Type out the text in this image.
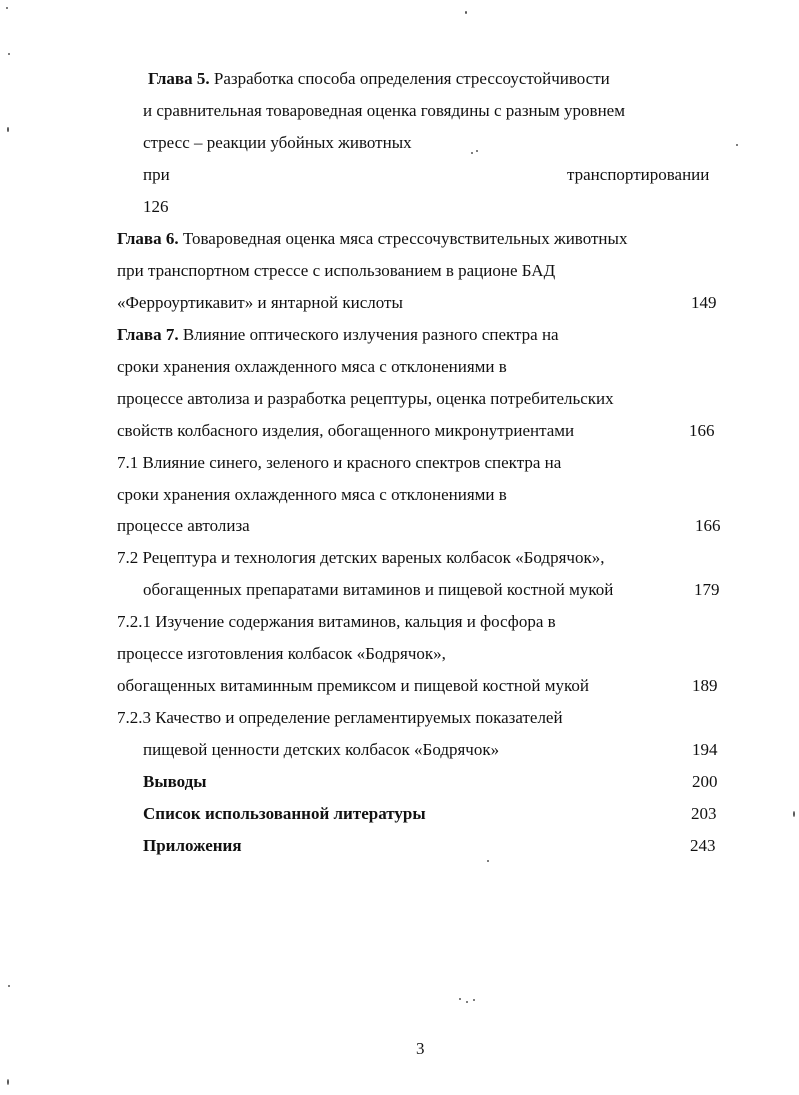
Глава 5. Разработка способа определения стрессоустойчивости
и сравнительная товароведная оценка говядины с разным уровнем
стресс – реакции убойных животных
при	транспортировании
126
Глава 6. Товароведная оценка мяса стрессочувствительных животных
при транспортном стрессе с использованием в рационе БАД
«Ферроуртикавит» и янтарной кислоты	149
Глава 7. Влияние оптического излучения разного спектра на
сроки хранения охлажденного мяса с отклонениями в
процессе автолиза и разработка рецептуры, оценка потребительских
свойств колбасного изделия, обогащенного микронутриентами	166
7.1 Влияние синего, зеленого и красного спектров спектра на
сроки хранения охлажденного мяса с отклонениями в
процессе автолиза	166
7.2 Рецептура и технология детских вареных колбасок «Бодрячок»,
обогащенных препаратами витаминов и пищевой костной мукой	179
7.2.1 Изучение содержания витаминов, кальция и фосфора в
процессе изготовления колбасок «Бодрячок»,
обогащенных витаминным премиксом и пищевой костной мукой	189
7.2.3 Качество и определение регламентируемых показателей
пищевой ценности детских колбасок «Бодрячок»	194
Выводы	200
Список использованной литературы	203
Приложения	243
3
